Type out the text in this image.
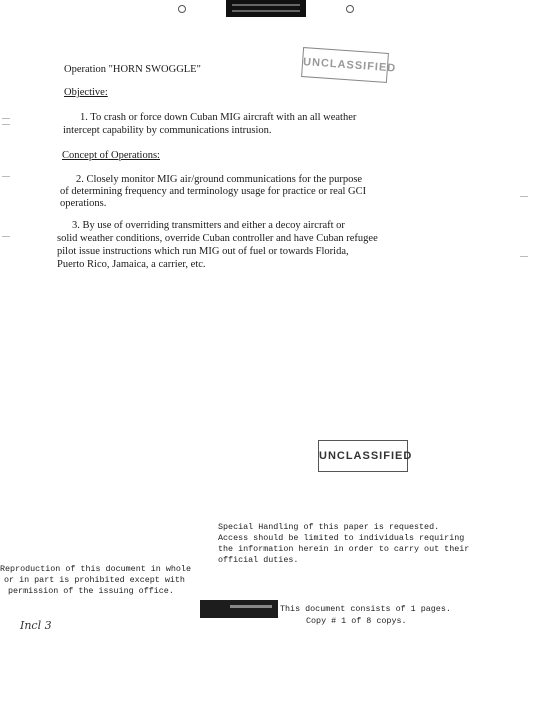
UNCLASSIFIED
Operation "HORN SWOGGLE"
Objective:
1. To crash or force down Cuban MIG aircraft with an all weather
intercept capability by communications intrusion.
Concept of Operations:
2. Closely monitor MIG air/ground communications for the purpose
of determining frequency and terminology usage for practice or real GCI
operations.
3. By use of overriding transmitters and either a decoy aircraft or
solid weather conditions, override Cuban controller and have Cuban refugee
pilot issue instructions which run MIG out of fuel or towards Florida,
Puerto Rico, Jamaica, a carrier, etc.
UNCLASSIFIED
Special Handling of this paper is requested.
Access should be limited to individuals requiring
the information herein in order to carry out their
official duties.
Reproduction of this document in whole
or in part is prohibited except with
permission of the issuing office.
This document consists of 1 pages.
Copy # 1 of 8 copys.
Incl 3
